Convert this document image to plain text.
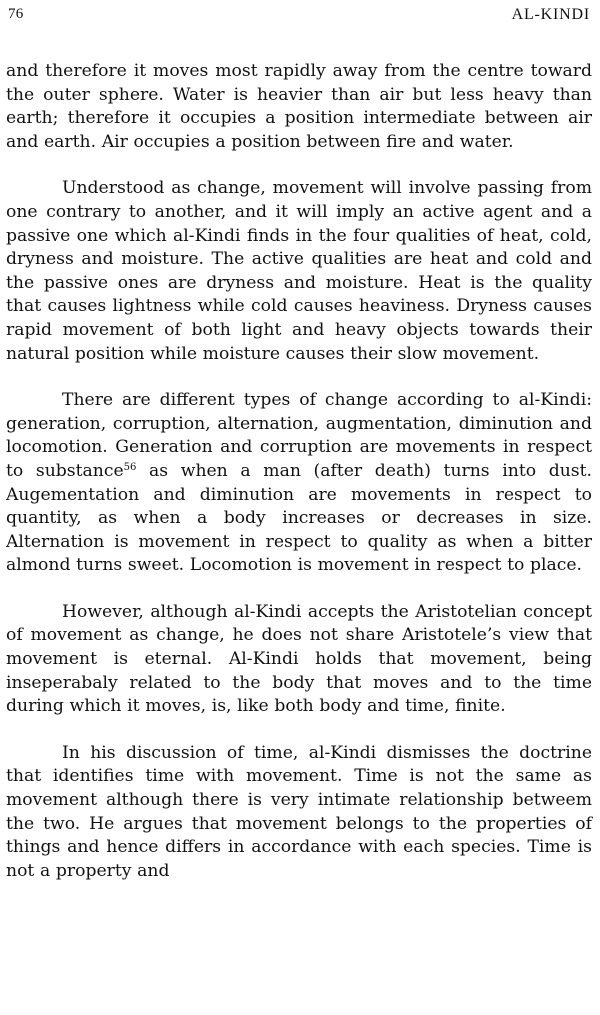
76	AL-KINDI

and therefore it moves most rapidly away from the centre toward the outer sphere. Water is heavier than air but less heavy than earth; therefore it occupies a position intermediate between air and earth. Air occupies a position between fire and water.

Understood as change, movement will involve passing from one contrary to another, and it will imply an active agent and a passive one which al-Kindi finds in the four qualities of heat, cold, dryness and moisture. The active qualities are heat and cold and the passive ones are dryness and moisture. Heat is the quality that causes lightness while cold causes heaviness. Dryness causes rapid movement of both light and heavy objects towards their natural position while moisture causes their slow movement.

There are different types of change according to al-Kindi: generation, corruption, alternation, augmentation, diminution and locomotion. Generation and corruption are movements in respect to substance$^{56}$ as when a man (after death) turns into dust. Augementation and diminution are movements in respect to quantity, as when a body increases or decreases in size. Alternation is movement in respect to quality as when a bitter almond turns sweet. Locomotion is movement in respect to place.

However, although al-Kindi accepts the Aristotelian concept of movement as change, he does not share Aristotele’s view that movement is eternal. Al-Kindi holds that movement, being inseperabaly related to the body that moves and to the time during which it moves, is, like both body and time, finite.

In his discussion of time, al-Kindi dismisses the doctrine that identifies time with movement. Time is not the same as movement although there is very intimate relationship betweem the two. He argues that movement belongs to the properties of things and hence differs in accordance with each species. Time is not a property and
